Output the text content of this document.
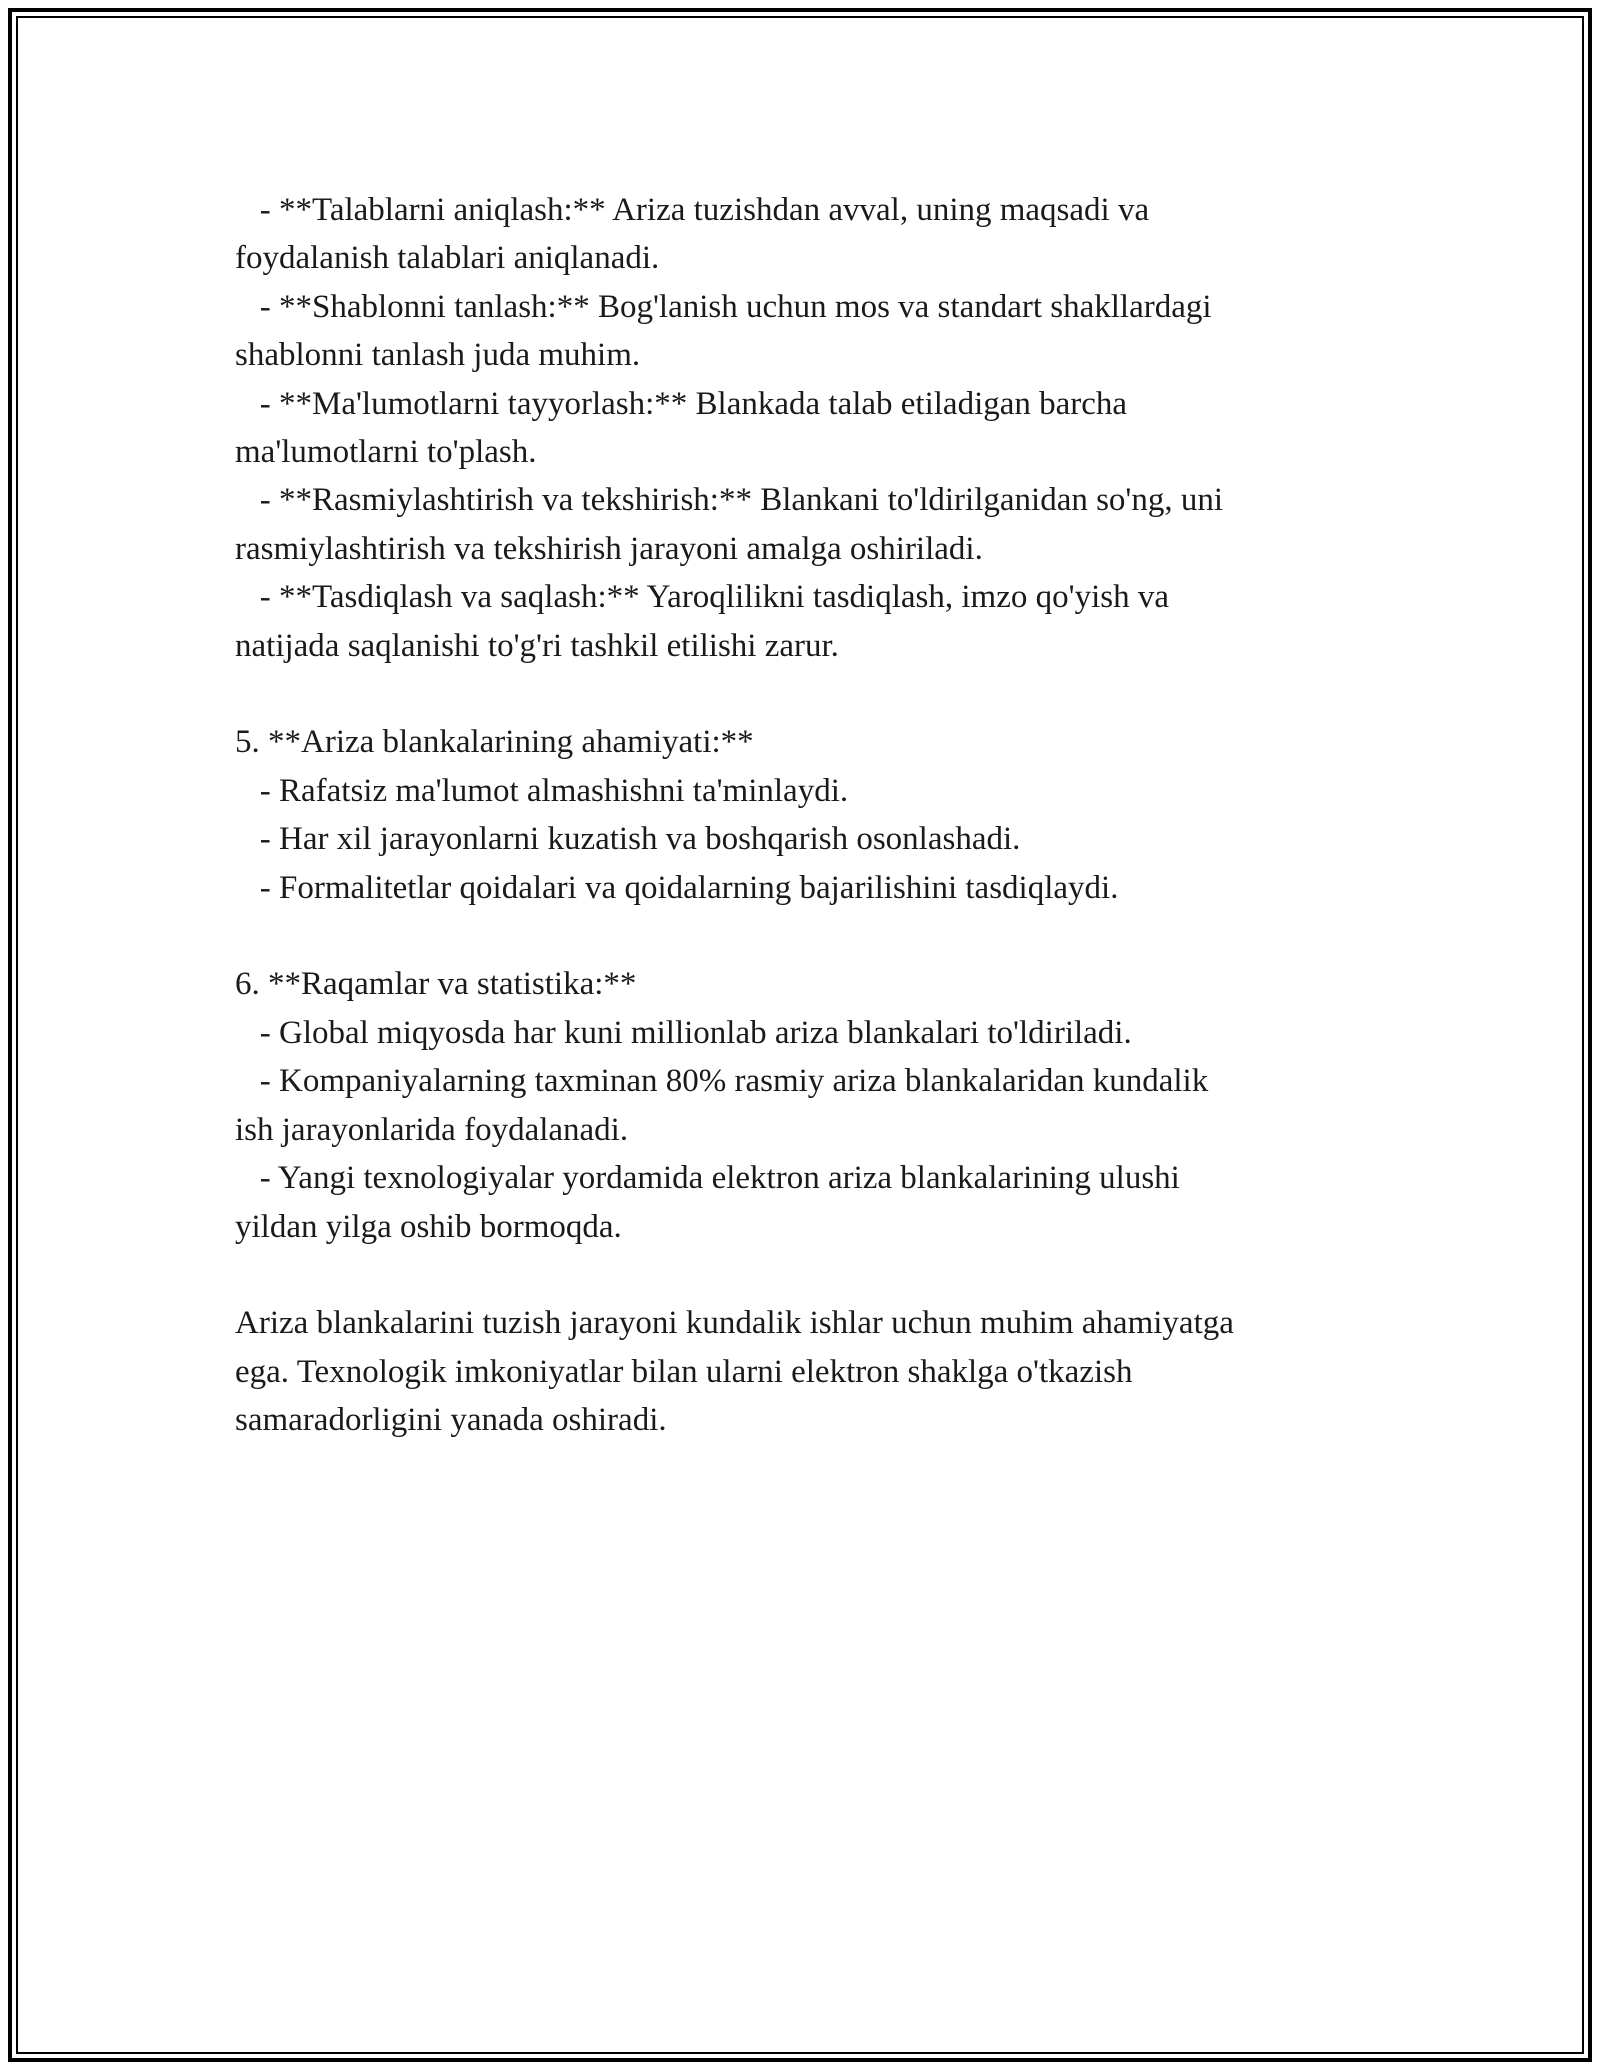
- **Talablarni aniqlash:** Ariza tuzishdan avval, uning maqsadi va

foydalanish talablari aniqlanadi.

- **Shablonni tanlash:** Bog'lanish uchun mos va standart shakllardagi

shablonni tanlash juda muhim.

- **Ma'lumotlarni tayyorlash:** Blankada talab etiladigan barcha

ma'lumotlarni to'plash.

- **Rasmiylashtirish va tekshirish:** Blankani to'ldirilganidan so'ng, uni

rasmiylashtirish va tekshirish jarayoni amalga oshiriladi.

- **Tasdiqlash va saqlash:** Yaroqlilikni tasdiqlash, imzo qo'yish va

natijada saqlanishi to'g'ri tashkil etilishi zarur.

5. **Ariza blankalarining ahamiyati:**

- Rafatsiz ma'lumot almashishni ta'minlaydi.

- Har xil jarayonlarni kuzatish va boshqarish osonlashadi.

- Formalitetlar qoidalari va qoidalarning bajarilishini tasdiqlaydi.

6. **Raqamlar va statistika:**

- Global miqyosda har kuni millionlab ariza blankalari to'ldiriladi.

- Kompaniyalarning taxminan 80% rasmiy ariza blankalaridan kundalik

ish jarayonlarida foydalanadi.

- Yangi texnologiyalar yordamida elektron ariza blankalarining ulushi

yildan yilga oshib bormoqda.

Ariza blankalarini tuzish jarayoni kundalik ishlar uchun muhim ahamiyatga

ega. Texnologik imkoniyatlar bilan ularni elektron shaklga o'tkazish

samaradorligini yanada oshiradi.
